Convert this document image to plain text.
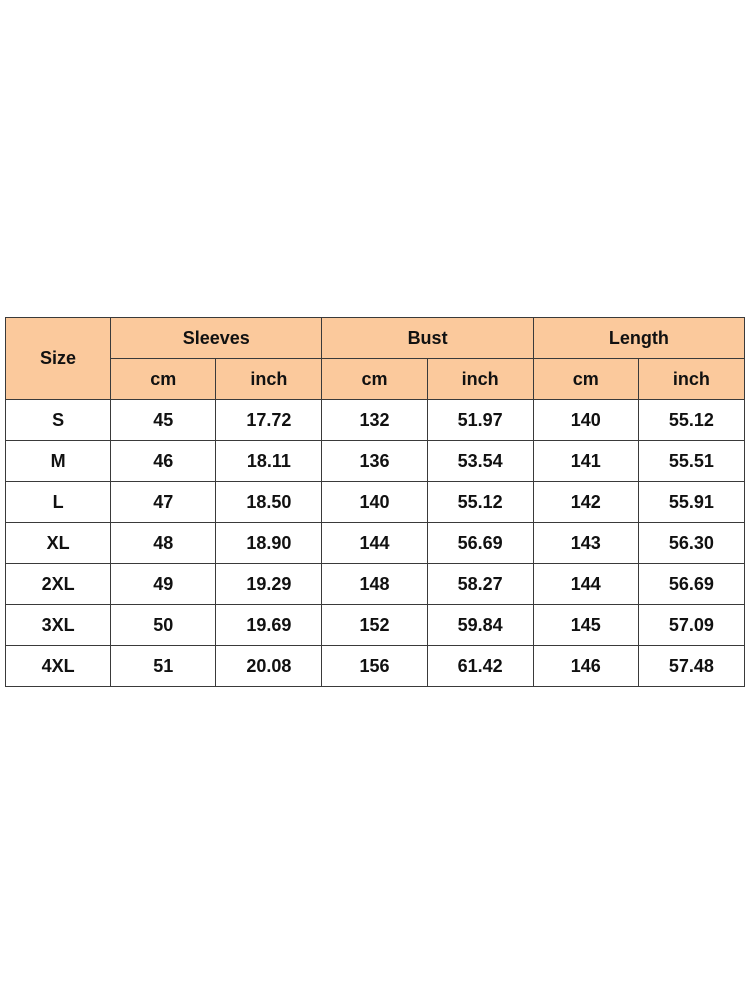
Size	Sleeves		Bust		Length	
	cm	inch	cm	inch	cm	inch
S	45	17.72	132	51.97	140	55.12
M	46	18.11	136	53.54	141	55.51
L	47	18.50	140	55.12	142	55.91
XL	48	18.90	144	56.69	143	56.30
2XL	49	19.29	148	58.27	144	56.69
3XL	50	19.69	152	59.84	145	57.09
4XL	51	20.08	156	61.42	146	57.48
